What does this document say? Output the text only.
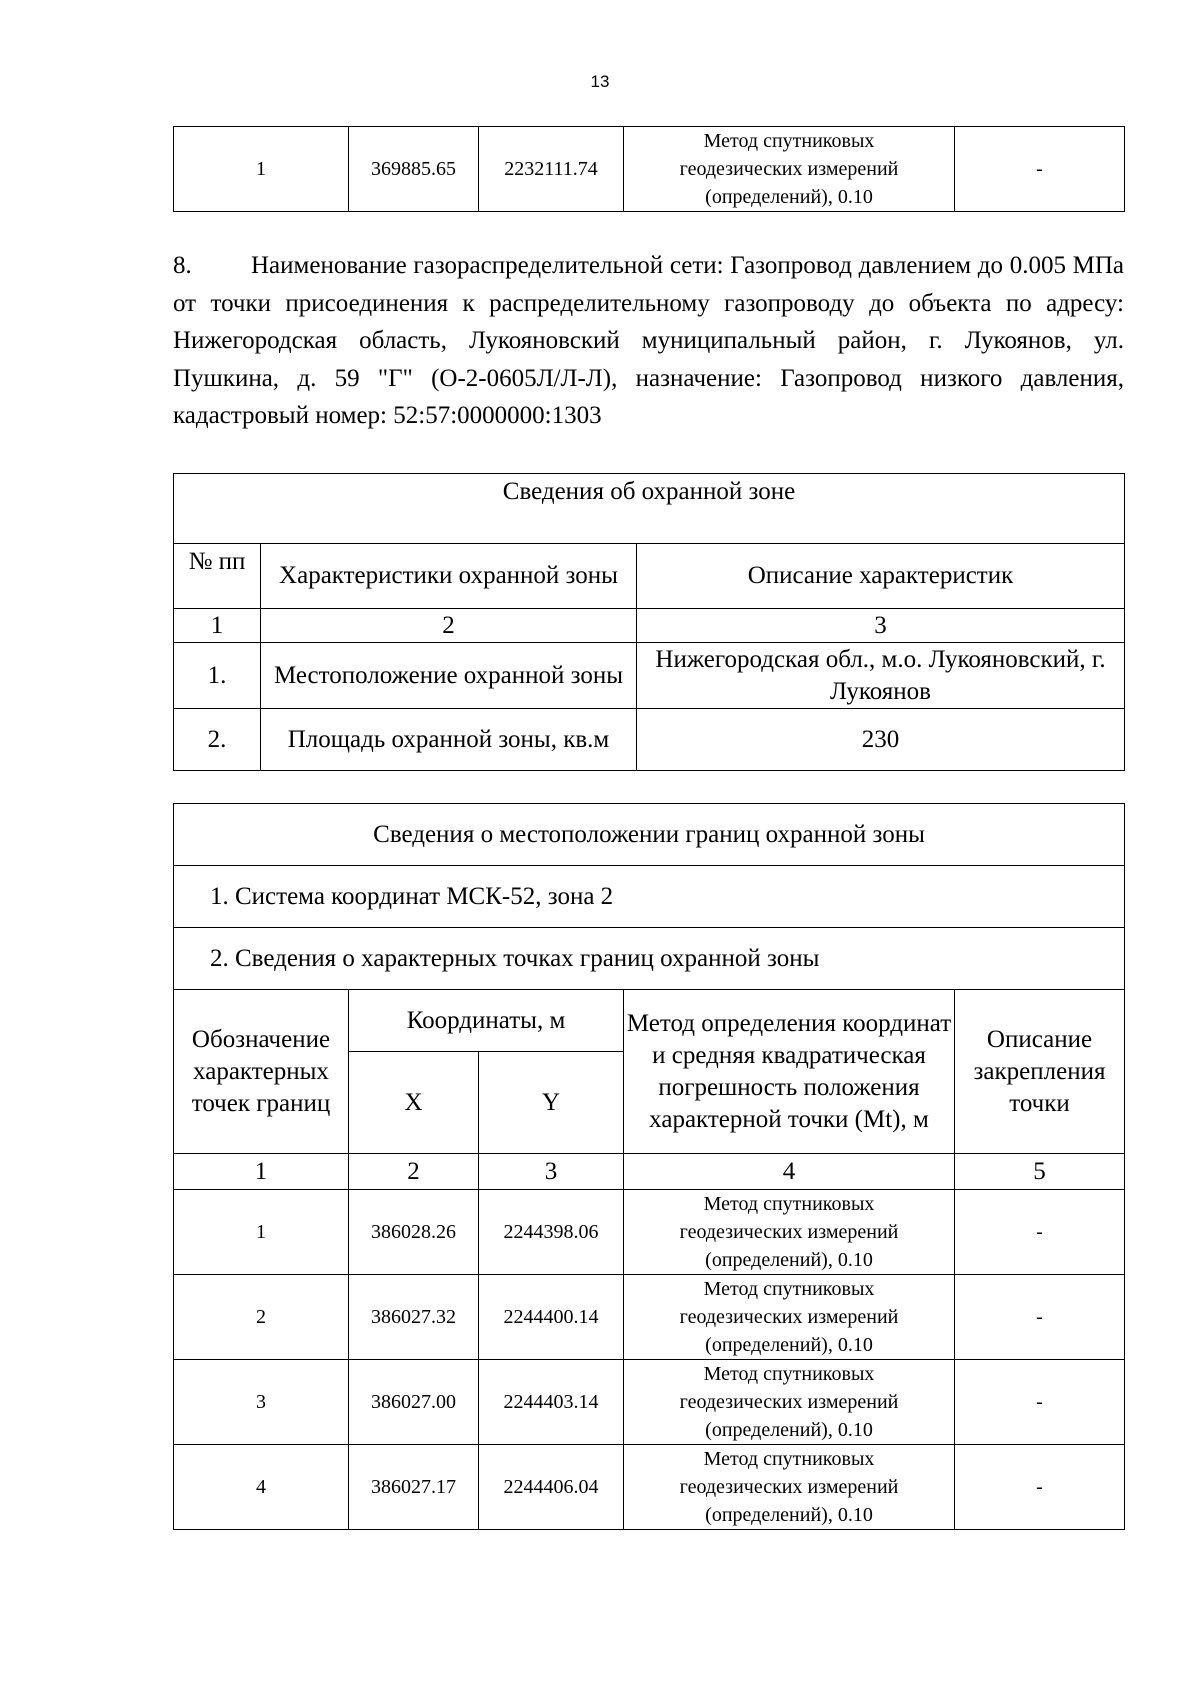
13
1	369885.65	2232111.74	
Метод спутниковых
геодезических измерений
(определений), 0.10
	-
8. Наименование газораспределительной сети: Газопровод давлением до 0.005 МПа от точки присоединения к распределительному газопроводу до объекта по адресу: Нижегородская область, Лукояновский муниципальный район, г. Лукоянов, ул. Пушкина, д. 59 "Г" (О-2-0605Л/Л-Л), назначение: Газопровод низкого давления, кадастровый номер: 52:57:0000000:1303
Сведения об охранной зоне		
№ пп	Характеристики охранной зоны	Описание характеристик
1	2	3
1.	Местоположение охранной зоны	Нижегородская обл., м.о. Лукояновский, г. Лукоянов
2.	Площадь охранной зоны, кв.м	230
Сведения о местоположении границ охранной зоны				
1. Система координат МСК-52, зона 2				
2. Сведения о характерных точках границ охранной зоны				
Обозначение характерных точек границ	Координаты, м		Метод определения координат и средняя квадратическая погрешность положения характерной точки (Mt), м	Описание закрепления точки
	X	Y		
1	2	3	4	5
1	386028.26	2244398.06	Метод спутниковых
геодезических измерений
(определений), 0.10	-
2	386027.32	2244400.14	Метод спутниковых
геодезических измерений
(определений), 0.10	-
3	386027.00	2244403.14	Метод спутниковых
геодезических измерений
(определений), 0.10	-
4	386027.17	2244406.04	Метод спутниковых
геодезических измерений
(определений), 0.10	-
